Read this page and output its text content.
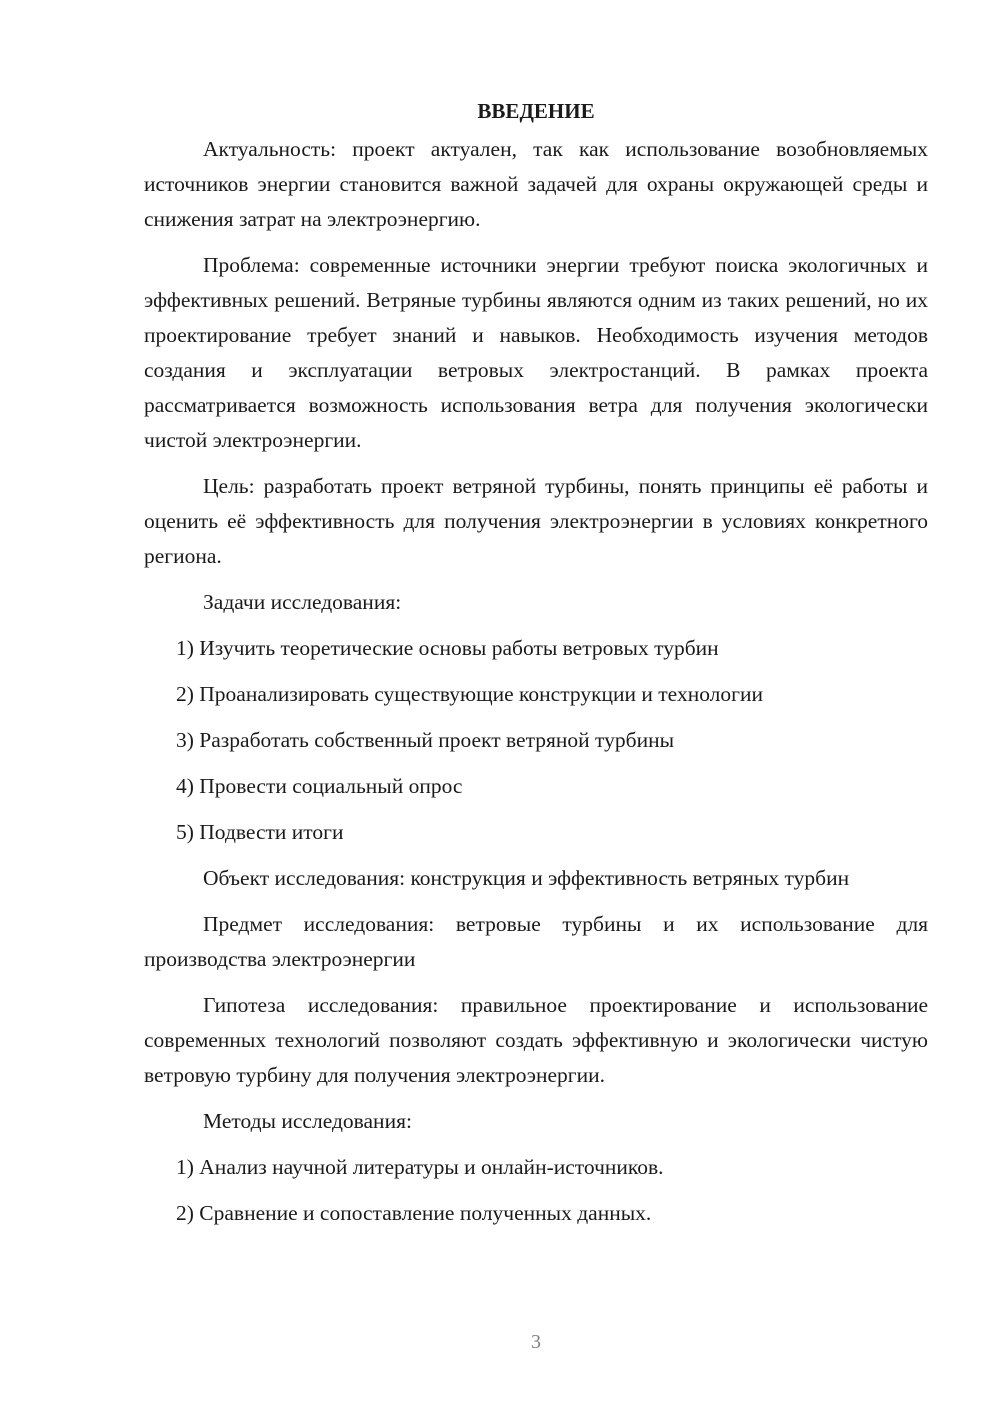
ВВЕДЕНИЕ

Актуальность: проект актуален, так как использование возобновляемых источников энергии становится важной задачей для охраны окружающей среды и снижения затрат на электроэнергию.

Проблема: современные источники энергии требуют поиска экологичных и эффективных решений. Ветряные турбины являются одним из таких решений, но их проектирование требует знаний и навыков. Необходимость изучения методов создания и эксплуатации ветровых электростанций. В рамках проекта рассматривается возможность использования ветра для получения экологически чистой электроэнергии.

Цель: разработать проект ветряной турбины, понять принципы её работы и оценить её эффективность для получения электроэнергии в условиях конкретного региона.

Задачи исследования:

1) Изучить теоретические основы работы ветровых турбин

2) Проанализировать существующие конструкции и технологии

3) Разработать собственный проект ветряной турбины

4) Провести социальный опрос

5) Подвести итоги

Объект исследования: конструкция и эффективность ветряных турбин

Предмет исследования: ветровые турбины и их использование для производства электроэнергии

Гипотеза исследования: правильное проектирование и использование современных технологий позволяют создать эффективную и экологически чистую ветровую турбину для получения электроэнергии.

Методы исследования:

1) Анализ научной литературы и онлайн-источников.

2) Сравнение и сопоставление полученных данных.

3
